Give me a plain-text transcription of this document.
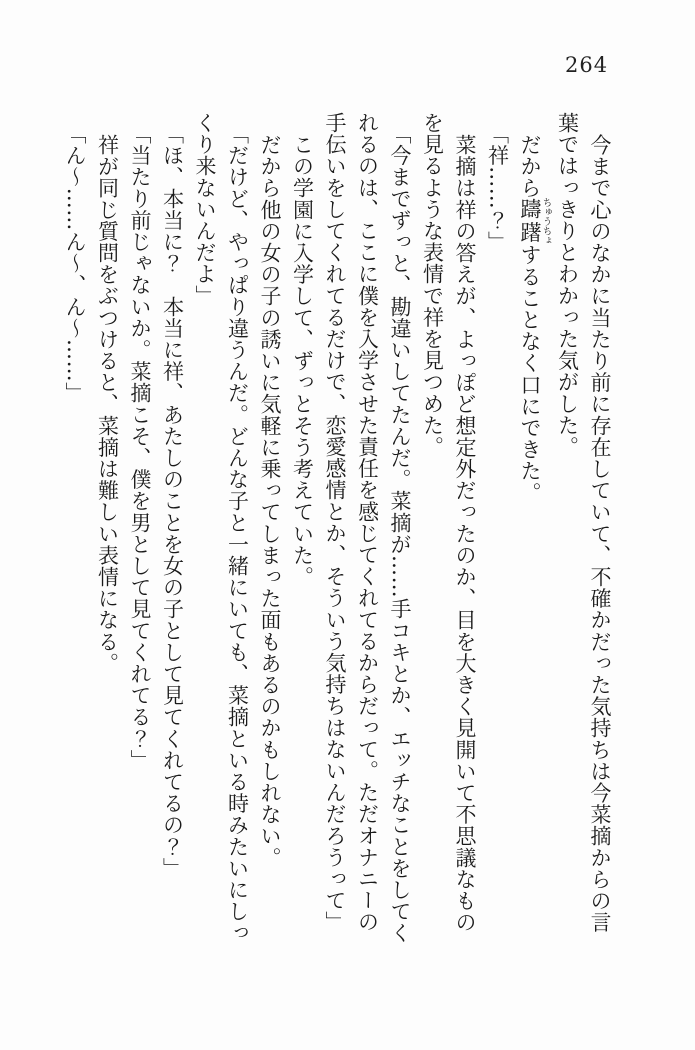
264

今まで心のなかに当たり前に存在していて、不確かだった気持ちは今菜摘からの言

葉ではっきりとわかった気がした。

だから躊躇ちゅうちょすることなく口にできた。

「祥……？」

菜摘は祥の答えが、よっぽど想定外だったのか、目を大きく見開いて不思議なもの

を見るような表情で祥を見つめた。

「今までずっと、勘違いしてたんだ。菜摘が……手コキとか、エッチなことをしてく

れるのは、ここに僕を入学させた責任を感じてくれてるからだって。ただオナニーの

手伝いをしてくれてるだけで、恋愛感情とか、そういう気持ちはないんだろうって」

この学園に入学して、ずっとそう考えていた。

だから他の女の子の誘いに気軽に乗ってしまった面もあるのかもしれない。

「だけど、やっぱり違うんだ。どんな子と一緒にいても、菜摘といる時みたいにしっ

くり来ないんだよ」

「ほ、本当に？　本当に祥、あたしのことを女の子として見てくれてるの？」

「当たり前じゃないか。菜摘こそ、僕を男として見てくれてる？」

祥が同じ質問をぶつけると、菜摘は難しい表情になる。

「ん～……ん～、ん～……」
